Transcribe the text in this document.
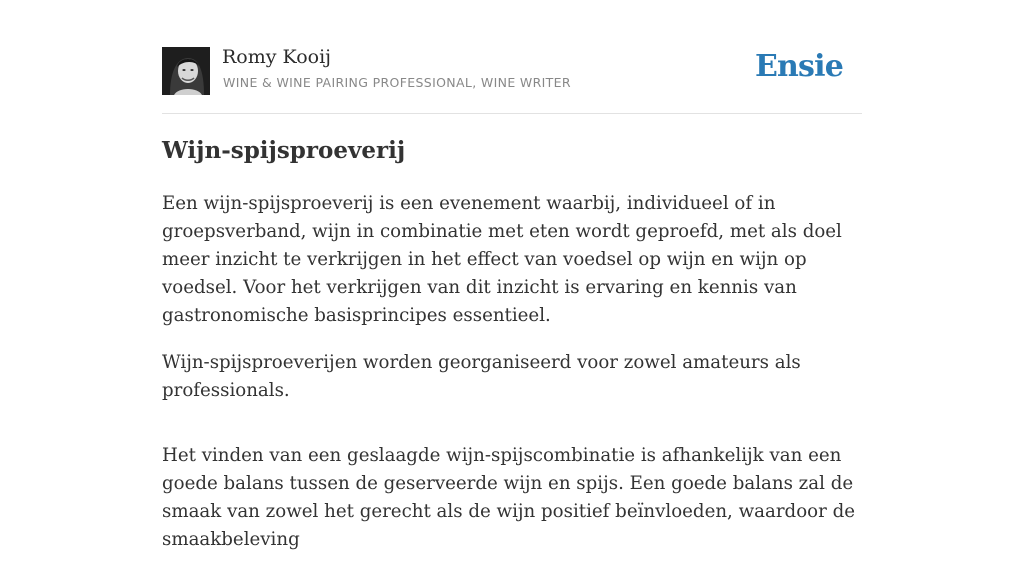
Romy Kooij
WINE & WINE PAIRING PROFESSIONAL, WINE WRITER	Ensie
Wijn-spijsproeverij

Een wijn-spijsproeverij is een evenement waarbij, individueel of in groepsverband, wijn in combinatie met eten wordt geproefd, met als doel meer inzicht te verkrijgen in het effect van voedsel op wijn en wijn op voedsel. Voor het verkrijgen van dit inzicht is ervaring en kennis van gastronomische basisprincipes essentieel.

Wijn-spijsproeverijen worden georganiseerd voor zowel amateurs als professionals.

Het vinden van een geslaagde wijn-spijscombinatie is afhankelijk van een goede balans tussen de geserveerde wijn en spijs. Een goede balans zal de smaak van zowel het gerecht als de wijn positief beïnvloeden, waardoor de smaakbeleving
